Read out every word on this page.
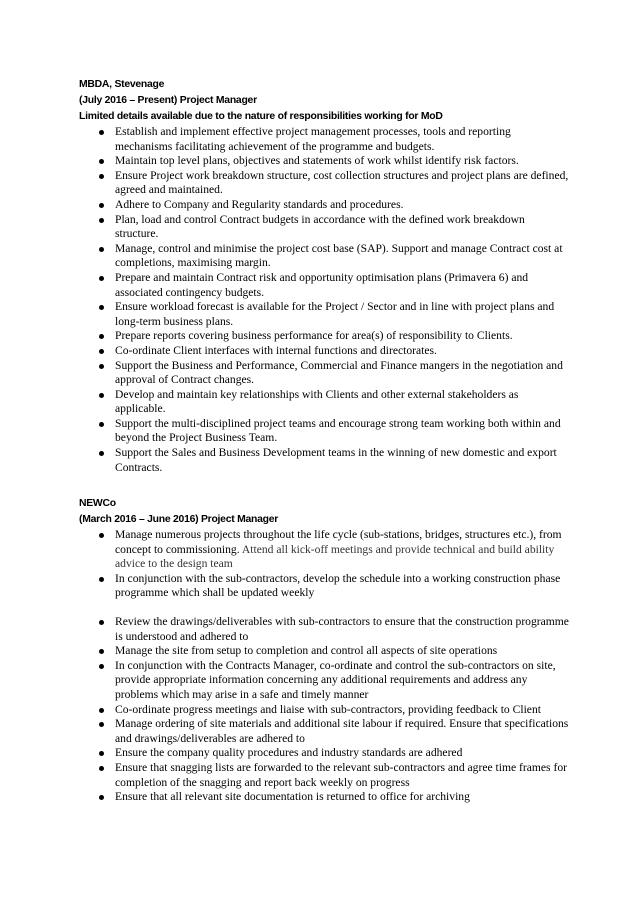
MBDA, Stevenage
(July 2016 – Present) Project Manager
Limited details available due to the nature of responsibilities working for MoD
Establish and implement effective project management processes, tools and reporting mechanisms facilitating achievement of the programme and budgets.
Maintain top level plans, objectives and statements of work whilst identify risk factors.
Ensure Project work breakdown structure, cost collection structures and project plans are defined, agreed and maintained.
Adhere to Company and Regularity standards and procedures.
Plan, load and control Contract budgets in accordance with the defined work breakdown structure.
Manage, control and minimise the project cost base (SAP). Support and manage Contract cost at completions, maximising margin.
Prepare and maintain Contract risk and opportunity optimisation plans (Primavera 6) and associated contingency budgets.
Ensure workload forecast is available for the Project / Sector and in line with project plans and long-term business plans.
Prepare reports covering business performance for area(s) of responsibility to Clients.
Co-ordinate Client interfaces with internal functions and directorates.
Support the Business and Performance, Commercial and Finance mangers in the negotiation and approval of Contract changes.
Develop and maintain key relationships with Clients and other external stakeholders as applicable.
Support the multi-disciplined project teams and encourage strong team working both within and beyond the Project Business Team.
Support the Sales and Business Development teams in the winning of new domestic and export Contracts.
NEWCo
(March 2016 – June 2016) Project Manager
Manage numerous projects throughout the life cycle (sub-stations, bridges, structures etc.), from concept to commissioning. Attend all kick-off meetings and provide technical and build ability advice to the design team
In conjunction with the sub-contractors, develop the schedule into a working construction phase programme which shall be updated weekly
Review the drawings/deliverables with sub-contractors to ensure that the construction programme is understood and adhered to
Manage the site from setup to completion and control all aspects of site operations
In conjunction with the Contracts Manager, co-ordinate and control the sub-contractors on site, provide appropriate information concerning any additional requirements and address any problems which may arise in a safe and timely manner
Co-ordinate progress meetings and liaise with sub-contractors, providing feedback to Client
Manage ordering of site materials and additional site labour if required. Ensure that specifications and drawings/deliverables are adhered to
Ensure the company quality procedures and industry standards are adhered
Ensure that snagging lists are forwarded to the relevant sub-contractors and agree time frames for completion of the snagging and report back weekly on progress
Ensure that all relevant site documentation is returned to office for archiving
